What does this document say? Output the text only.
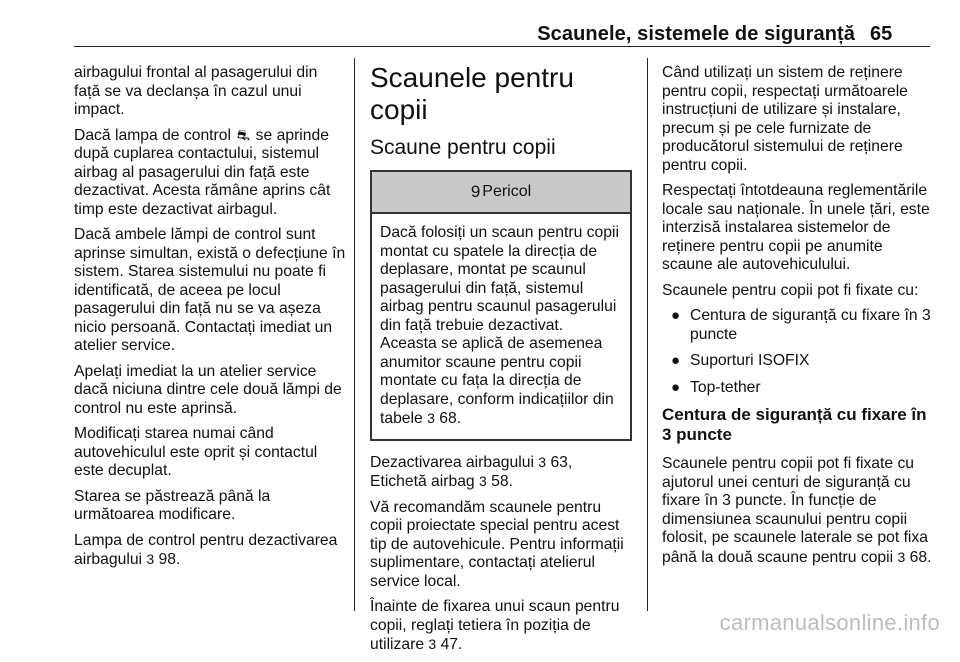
Scaunele, sistemele de siguranță 65

airbagului frontal al pasagerului din față se va declanșa în cazul unui impact.

Dacă lampa de control ⛐ se aprinde după cuplarea contactului, sistemul airbag al pasagerului din față este dezactivat. Acesta rămâne aprins cât timp este dezactivat airbagul.

Dacă ambele lămpi de control sunt aprinse simultan, există o defecțiune în sistem. Starea sistemului nu poate fi identificată, de aceea pe locul pasagerului din față nu se va așeza nicio persoană. Contactați imediat un atelier service.

Apelați imediat la un atelier service dacă niciuna dintre cele două lămpi de control nu este aprinsă.

Modificați starea numai când autovehiculul este oprit și contactul este decuplat.

Starea se păstrează până la următoarea modificare.

Lampa de control pentru dezactivarea airbagului 3 98.

Scaunele pentru copii
Scaune pentru copii
9 Pericol
Dacă folosiți un scaun pentru copii montat cu spatele la direcția de deplasare, montat pe scaunul pasagerului din față, sistemul airbag pentru scaunul pasagerului din față trebuie dezactivat. Aceasta se aplică de asemenea anumitor scaune pentru copii montate cu fața la direcția de deplasare, conform indicațiilor din tabele 3 68.

Dezactivarea airbagului 3 63,
Etichetă airbag 3 58.

Vă recomandăm scaunele pentru copii proiectate special pentru acest tip de autovehicule. Pentru informații suplimentare, contactați atelierul service local.

Înainte de fixarea unui scaun pentru copii, reglați tetiera în poziția de utilizare 3 47.

Când utilizați un sistem de reținere pentru copii, respectați următoarele instrucțiuni de utilizare și instalare, precum și pe cele furnizate de producătorul sistemului de reținere pentru copii.

Respectați întotdeauna reglementările locale sau naționale. În unele țări, este interzisă instalarea sistemelor de reținere pentru copii pe anumite scaune ale autovehiculului.

Scaunele pentru copii pot fi fixate cu:

● Centura de siguranță cu fixare în 3 puncte
● Suporturi ISOFIX
● Top-tether
Centura de siguranță cu fixare în 3 puncte

Scaunele pentru copii pot fi fixate cu ajutorul unei centuri de siguranță cu fixare în 3 puncte. În funcție de dimensiunea scaunului pentru copii folosit, pe scaunele laterale se pot fixa până la două scaune pentru copii 3 68.

carmanualsonline.info
